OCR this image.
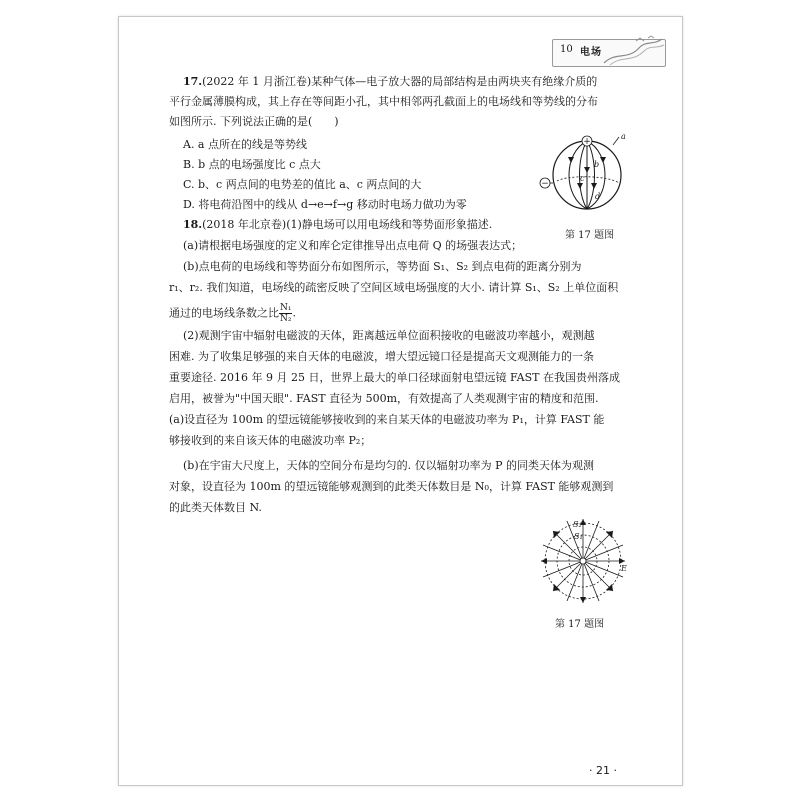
10 电场
17.(2022 年 1 月浙江卷)某种气体—电子放大器的局部结构是由两块夹有绝缘介质的
平行金属薄膜构成，其上存在等间距小孔，其中相邻两孔截面上的电场线和等势线的分布
如图所示. 下列说法正确的是(　　)
A. a 点所在的线是等势线
B. b 点的电场强度比 c 点大
C. b、c 两点间的电势差的值比 a、c 两点间的大
D. 将电荷沿图中的线从 d→e→f→g 移动时电场力做功为零
+
−
a
b
c
d
第 17 题图
18.(2018 年北京卷)(1)静电场可以用电场线和等势面形象描述.
(a)请根据电场强度的定义和库仑定律推导出点电荷 Q 的场强表达式；
(b)点电荷的电场线和等势面分布如图所示，等势面 S₁、S₂ 到点电荷的距离分别为
r₁、r₂. 我们知道，电场线的疏密反映了空间区域电场强度的大小. 请计算 S₁、S₂ 上单位面积
通过的电场线条数之比 $\frac{\text{N₁}}{\text{N₂}}$ .
(2)观测宇宙中辐射电磁波的天体，距离越远单位面积接收的电磁波功率越小，观测越
困难. 为了收集足够强的来自天体的电磁波，增大望远镜口径是提高天文观测能力的一条
重要途径. 2016 年 9 月 25 日，世界上最大的单口径球面射电望远镜 FAST 在我国贵州落成
启用，被誉为"中国天眼". FAST 直径为 500m，有效提高了人类观测宇宙的精度和范围.
(a)设直径为 100m 的望远镜能够接收到的来自某天体的电磁波功率为 P₁，计算 FAST 能
够接收到的来自该天体的电磁波功率 P₂；
(b)在宇宙大尺度上，天体的空间分布是均匀的. 仅以辐射功率为 P 的同类天体为观测
对象，设直径为 100m 的望远镜能够观测到的此类天体数目是 N₀，计算 FAST 能够观测到
的此类天体数目 N.
S₁
S₂
E
第 17 题图
· 21 ·
